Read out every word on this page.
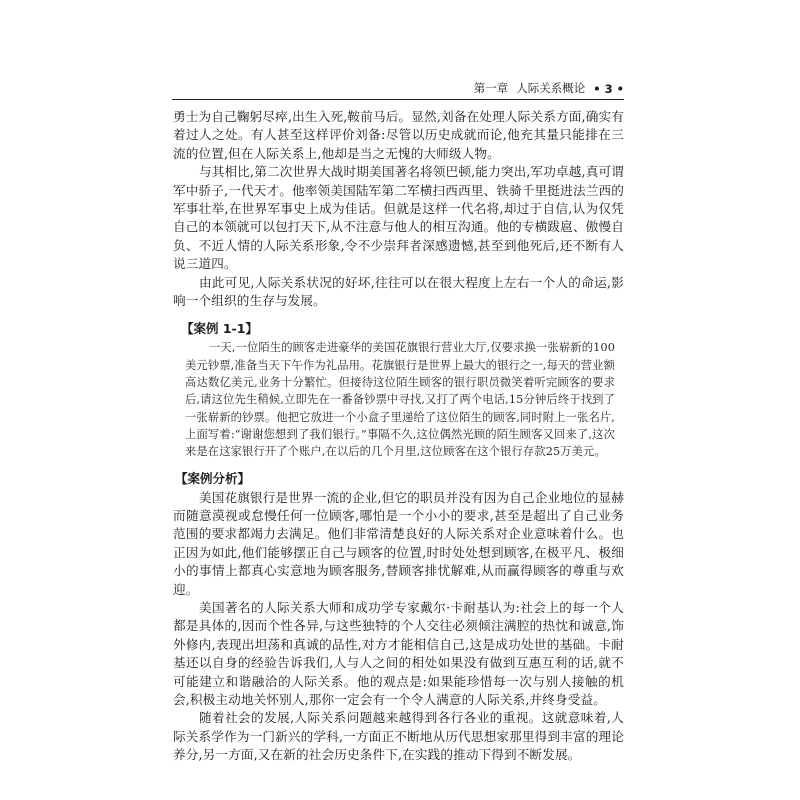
第一章 人际关系概论 • 3 •

勇士为自己鞠躬尽瘁,出生入死,鞍前马后。显然,刘备在处理人际关系方面,确实有着过人之处。有人甚至这样评价刘备:尽管以历史成就而论,他充其量只能排在三流的位置,但在人际关系上,他却是当之无愧的大师级人物。

与其相比,第二次世界大战时期美国著名将领巴顿,能力突出,军功卓越,真可谓军中骄子,一代天才。他率领美国陆军第二军横扫西西里、铁骑千里挺进法兰西的军事壮举,在世界军事史上成为佳话。但就是这样一代名将,却过于自信,认为仅凭自己的本领就可以包打天下,从不注意与他人的相互沟通。他的专横跋扈、傲慢自负、不近人情的人际关系形象,令不少崇拜者深感遗憾,甚至到他死后,还不断有人说三道四。

由此可见,人际关系状况的好坏,往往可以在很大程度上左右一个人的命运,影响一个组织的生存与发展。

【案例 1-1】

一天,一位陌生的顾客走进豪华的美国花旗银行营业大厅,仅要求换一张崭新的100美元钞票,准备当天下午作为礼品用。花旗银行是世界上最大的银行之一,每天的营业额高达数亿美元,业务十分繁忙。但接待这位陌生顾客的银行职员微笑着听完顾客的要求后,请这位先生稍候,立即先在一番备钞票中寻找,又打了两个电话,15分钟后终于找到了一张崭新的钞票。他把它放进一个小盒子里递给了这位陌生的顾客,同时附上一张名片,上面写着:“谢谢您想到了我们银行。”事隔不久,这位偶然光顾的陌生顾客又回来了,这次来是在这家银行开了个账户,在以后的几个月里,这位顾客在这个银行存款25万美元。

【案例分析】

美国花旗银行是世界一流的企业,但它的职员并没有因为自己企业地位的显赫而随意漠视或怠慢任何一位顾客,哪怕是一个小小的要求,甚至是超出了自己业务范围的要求都竭力去满足。他们非常清楚良好的人际关系对企业意味着什么。也正因为如此,他们能够摆正自己与顾客的位置,时时处处想到顾客,在极平凡、极细小的事情上都真心实意地为顾客服务,替顾客排忧解难,从而赢得顾客的尊重与欢迎。

美国著名的人际关系大师和成功学专家戴尔·卡耐基认为:社会上的每一个人都是具体的,因而个性各异,与这些独特的个人交往必须倾注满腔的热忱和诚意,饰外修内,表现出坦荡和真诚的品性,对方才能相信自己,这是成功处世的基础。卡耐基还以自身的经验告诉我们,人与人之间的相处如果没有做到互惠互利的话,就不可能建立和谐融洽的人际关系。他的观点是:如果能珍惜每一次与别人接触的机会,积极主动地关怀别人,那你一定会有一个令人满意的人际关系,并终身受益。

随着社会的发展,人际关系问题越来越得到各行各业的重视。这就意味着,人际关系学作为一门新兴的学科,一方面正不断地从历代思想家那里得到丰富的理论养分,另一方面,又在新的社会历史条件下,在实践的推动下得到不断发展。
